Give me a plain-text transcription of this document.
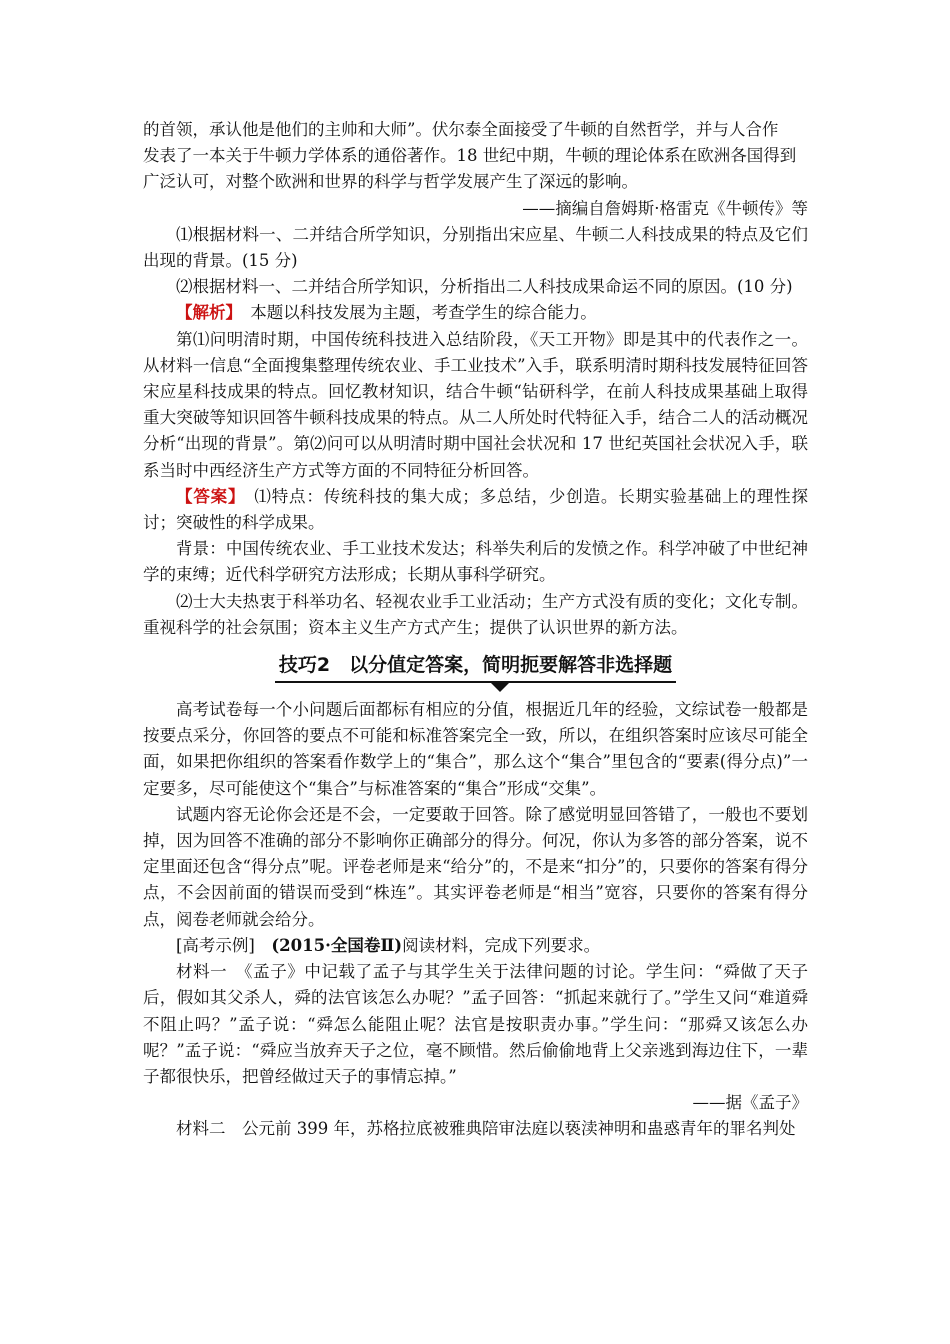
的首领，承认他是他们的主帅和大师”。伏尔泰全面接受了牛顿的自然哲学，并与人合作

发表了一本关于牛顿力学体系的通俗著作。18 世纪中期，牛顿的理论体系在欧洲各国得到

广泛认可，对整个欧洲和世界的科学与哲学发展产生了深远的影响。

——摘编自詹姆斯·格雷克《牛顿传》等

⑴根据材料一、二并结合所学知识，分别指出宋应星、牛顿二人科技成果的特点及它们出现的背景。(15 分)

⑵根据材料一、二并结合所学知识，分析指出二人科技成果命运不同的原因。(10 分)

【解析】　本题以科技发展为主题，考查学生的综合能力。

第⑴问明清时期，中国传统科技进入总结阶段，《天工开物》即是其中的代表作之一。从材料一信息“全面搜集整理传统农业、手工业技术”入手，联系明清时期科技发展特征回答宋应星科技成果的特点。回忆教材知识，结合牛顿“钻研科学，在前人科技成果基础上取得重大突破等知识回答牛顿科技成果的特点。从二人所处时代特征入手，结合二人的活动概况分析“出现的背景”。第⑵问可以从明清时期中国社会状况和 17 世纪英国社会状况入手，联系当时中西经济生产方式等方面的不同特征分析回答。

【答案】　⑴特点：传统科技的集大成；多总结，少创造。长期实验基础上的理性探讨；突破性的科学成果。

背景：中国传统农业、手工业技术发达；科举失利后的发愤之作。科学冲破了中世纪神学的束缚；近代科学研究方法形成；长期从事科学研究。

⑵士大夫热衷于科举功名、轻视农业手工业活动；生产方式没有质的变化；文化专制。重视科学的社会氛围；资本主义生产方式产生；提供了认识世界的新方法。

技巧2　以分值定答案，简明扼要解答非选择题

高考试卷每一个小问题后面都标有相应的分值，根据近几年的经验，文综试卷一般都是按要点采分，你回答的要点不可能和标准答案完全一致，所以，在组织答案时应该尽可能全面，如果把你组织的答案看作数学上的“集合”，那么这个“集合”里包含的“要素(得分点)”一定要多，尽可能使这个“集合”与标准答案的“集合”形成“交集”。

试题内容无论你会还是不会，一定要敢于回答。除了感觉明显回答错了，一般也不要划掉，因为回答不准确的部分不影响你正确部分的得分。何况，你认为多答的部分答案，说不定里面还包含“得分点”呢。评卷老师是来“给分”的，不是来“扣分”的，只要你的答案有得分点，不会因前面的错误而受到“株连”。其实评卷老师是“相当”宽容，只要你的答案有得分点，阅卷老师就会给分。

[高考示例]　(2015·全国卷Ⅱ)阅读材料，完成下列要求。

材料一　《孟子》中记载了孟子与其学生关于法律问题的讨论。学生问：“舜做了天子后，假如其父杀人，舜的法官该怎么办呢？”孟子回答：“抓起来就行了。”学生又问“难道舜不阻止吗？”孟子说：“舜怎么能阻止呢？法官是按职责办事。”学生问：“那舜又该怎么办呢？”孟子说：“舜应当放弃天子之位，毫不顾惜。然后偷偷地背上父亲逃到海边住下，一辈子都很快乐，把曾经做过天子的事情忘掉。”

——据《孟子》

材料二　公元前 399 年，苏格拉底被雅典陪审法庭以亵渎神明和蛊惑青年的罪名判处
